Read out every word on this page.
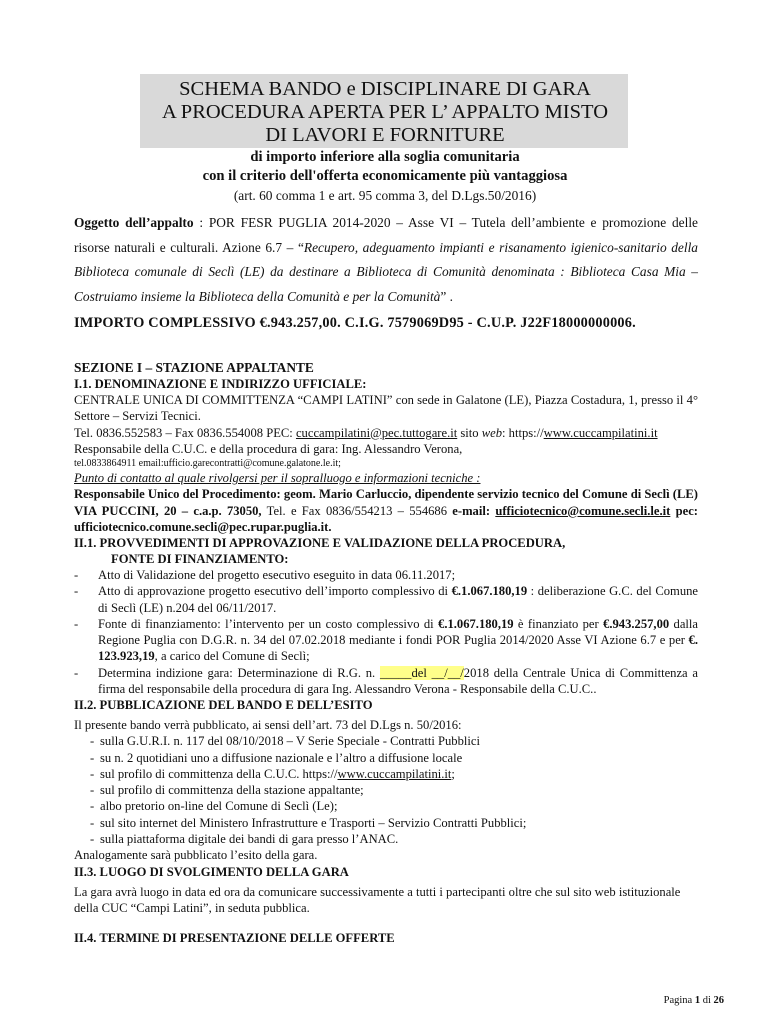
SCHEMA BANDO e DISCIPLINARE DI GARA
A PROCEDURA APERTA PER L’ APPALTO MISTO
DI LAVORI E FORNITURE
di importo inferiore alla soglia comunitaria
con il criterio dell'offerta economicamente più vantaggiosa
(art. 60 comma 1 e art. 95 comma 3, del D.Lgs.50/2016)
Oggetto dell’appalto : POR FESR PUGLIA 2014-2020 – Asse VI – Tutela dell’ambiente e promozione delle risorse naturali e culturali. Azione 6.7 – “Recupero, adeguamento impianti e risanamento igienico-sanitario della Biblioteca comunale di Seclì (LE) da destinare a Biblioteca di Comunità denominata : Biblioteca Casa Mia – Costruiamo insieme la Biblioteca della Comunità e per la Comunità” .
IMPORTO COMPLESSIVO €.943.257,00. C.I.G. 7579069D95 - C.U.P. J22F18000000006.
SEZIONE I – STAZIONE APPALTANTE
I.1. DENOMINAZIONE E INDIRIZZO UFFICIALE:
CENTRALE UNICA DI COMMITTENZA “CAMPI LATINI” con sede in Galatone (LE), Piazza Costadura, 1, presso il 4° Settore – Servizi Tecnici.
Tel. 0836.552583 – Fax 0836.554008 PEC: cuccampilatini@pec.tuttogare.it sito web: https://www.cuccampilatini.it
Responsabile della C.U.C. e della procedura di gara: Ing. Alessandro Verona,
tel.0833864911 email:ufficio.garecontratti@comune.galatone.le.it;
Punto di contatto al quale rivolgersi per il sopralluogo e informazioni tecniche :
Responsabile Unico del Procedimento: geom. Mario Carluccio, dipendente servizio tecnico del Comune di Seclì (LE) VIA PUCCINI, 20 – c.a.p. 73050, Tel. e Fax 0836/554213 – 554686 e-mail: ufficiotecnico@comune.secli.le.it pec: ufficiotecnico.comune.secli@pec.rupar.puglia.it.
II.1. PROVVEDIMENTI DI APPROVAZIONE E VALIDAZIONE DELLA PROCEDURA,
FONTE DI FINANZIAMENTO:
- Atto di Validazione del progetto esecutivo eseguito in data 06.11.2017;
- Atto di approvazione progetto esecutivo dell’importo complessivo di €.1.067.180,19 : deliberazione G.C. del Comune di Seclì (LE) n.204 del 06/11/2017.
- Fonte di finanziamento: l’intervento per un costo complessivo di €.1.067.180,19 è finanziato per €.943.257,00 dalla Regione Puglia con D.G.R. n. 34 del 07.02.2018 mediante i fondi POR Puglia 2014/2020 Asse VI Azione 6.7 e per €. 123.923,19, a carico del Comune di Seclì;
- Determina indizione gara: Determinazione di R.G. n. _____del __/__/2018 della Centrale Unica di Committenza a firma del responsabile della procedura di gara Ing. Alessandro Verona - Responsabile della C.U.C..
II.2. PUBBLICAZIONE DEL BANDO E DELL’ESITO
Il presente bando verrà pubblicato, ai sensi dell’art. 73 del D.Lgs n. 50/2016:
- sulla G.U.R.I. n. 117 del 08/10/2018 – V Serie Speciale - Contratti Pubblici
- su n. 2 quotidiani uno a diffusione nazionale e l’altro a diffusione locale
- sul profilo di committenza della C.U.C. https://www.cuccampilatini.it;
- sul profilo di committenza della stazione appaltante;
- albo pretorio on-line del Comune di Seclì (Le);
- sul sito internet del Ministero Infrastrutture e Trasporti – Servizio Contratti Pubblici;
- sulla piattaforma digitale dei bandi di gara presso l’ANAC.
Analogamente sarà pubblicato l’esito della gara.
II.3. LUOGO DI SVOLGIMENTO DELLA GARA
La gara avrà luogo in data ed ora da comunicare successivamente a tutti i partecipanti oltre che sul sito web istituzionale della CUC “Campi Latini”, in seduta pubblica.
II.4. TERMINE DI PRESENTAZIONE DELLE OFFERTE
Pagina 1 di 26
